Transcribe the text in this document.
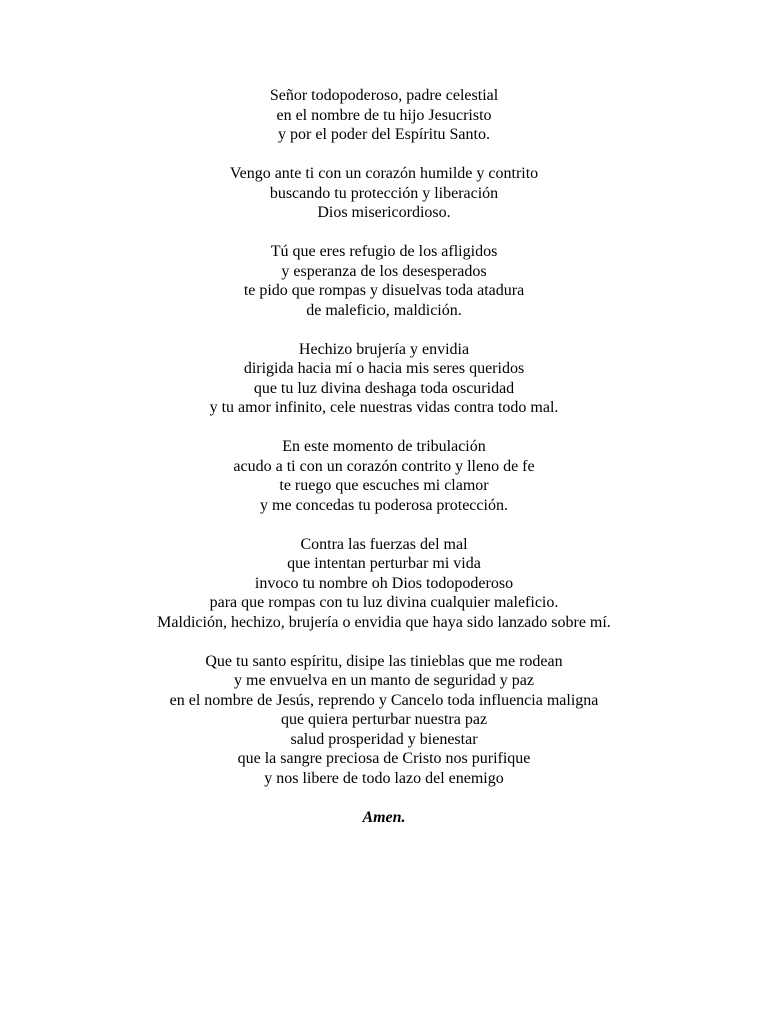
Señor todopoderoso, padre celestial
en el nombre de tu hijo Jesucristo
y por el poder del Espíritu Santo.
Vengo ante ti con un corazón humilde y contrito
buscando tu protección y liberación
Dios misericordioso.
Tú que eres refugio de los afligidos
y esperanza de los desesperados
te pido que rompas y disuelvas toda atadura
de maleficio, maldición.
Hechizo brujería y envidia
dirigida hacia mí o hacia mis seres queridos
que tu luz divina deshaga toda oscuridad
y tu amor infinito, cele nuestras vidas contra todo mal.
En este momento de tribulación
acudo a ti con un corazón contrito y lleno de fe
te ruego que escuches mi clamor
y me concedas tu poderosa protección.
Contra las fuerzas del mal
que intentan perturbar mi vida
invoco tu nombre oh Dios todopoderoso
para que rompas con tu luz divina cualquier maleficio.
Maldición, hechizo, brujería o envidia que haya sido lanzado sobre mí.
Que tu santo espíritu, disipe las tinieblas que me rodean
y me envuelva en un manto de seguridad y paz
en el nombre de Jesús, reprendo y Cancelo toda influencia maligna
que quiera perturbar nuestra paz
salud prosperidad y bienestar
que la sangre preciosa de Cristo nos purifique
y nos libere de todo lazo del enemigo
Amen.
